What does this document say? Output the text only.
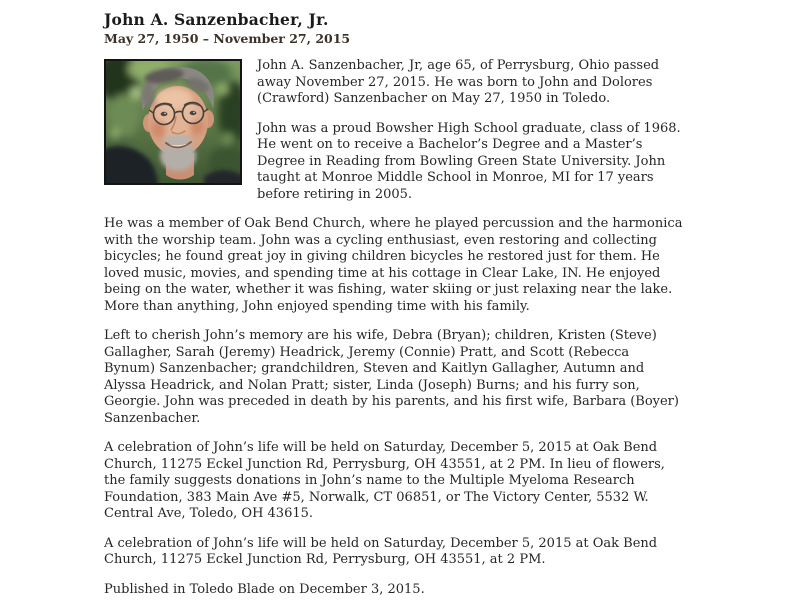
John A. Sanzenbacher, Jr.
May 27, 1950 – November 27, 2015

John A. Sanzenbacher, Jr, age 65, of Perrysburg, Ohio passed away November 27, 2015. He was born to John and Dolores (Crawford) Sanzenbacher on May 27, 1950 in Toledo.

John was a proud Bowsher High School graduate, class of 1968. He went on to receive a Bachelor’s Degree and a Master’s Degree in Reading from Bowling Green State University. John taught at Monroe Middle School in Monroe, MI for 17 years before retiring in 2005.

He was a member of Oak Bend Church, where he played percussion and the harmonica with the worship team. John was a cycling enthusiast, even restoring and collecting bicycles; he found great joy in giving children bicycles he restored just for them. He loved music, movies, and spending time at his cottage in Clear Lake, IN. He enjoyed being on the water, whether it was fishing, water skiing or just relaxing near the lake. More than anything, John enjoyed spending time with his family.

Left to cherish John’s memory are his wife, Debra (Bryan); children, Kristen (Steve) Gallagher, Sarah (Jeremy) Headrick, Jeremy (Connie) Pratt, and Scott (Rebecca Bynum) Sanzenbacher; grandchildren, Steven and Kaitlyn Gallagher, Autumn and Alyssa Headrick, and Nolan Pratt; sister, Linda (Joseph) Burns; and his furry son, Georgie. John was preceded in death by his parents, and his first wife, Barbara (Boyer) Sanzenbacher.

A celebration of John’s life will be held on Saturday, December 5, 2015 at Oak Bend Church, 11275 Eckel Junction Rd, Perrysburg, OH 43551, at 2 PM. In lieu of flowers, the family suggests donations in John’s name to the Multiple Myeloma Research Foundation, 383 Main Ave #5, Norwalk, CT 06851, or The Victory Center, 5532 W. Central Ave, Toledo, OH 43615.

A celebration of John’s life will be held on Saturday, December 5, 2015 at Oak Bend Church, 11275 Eckel Junction Rd, Perrysburg, OH 43551, at 2 PM.

Published in Toledo Blade on December 3, 2015.
